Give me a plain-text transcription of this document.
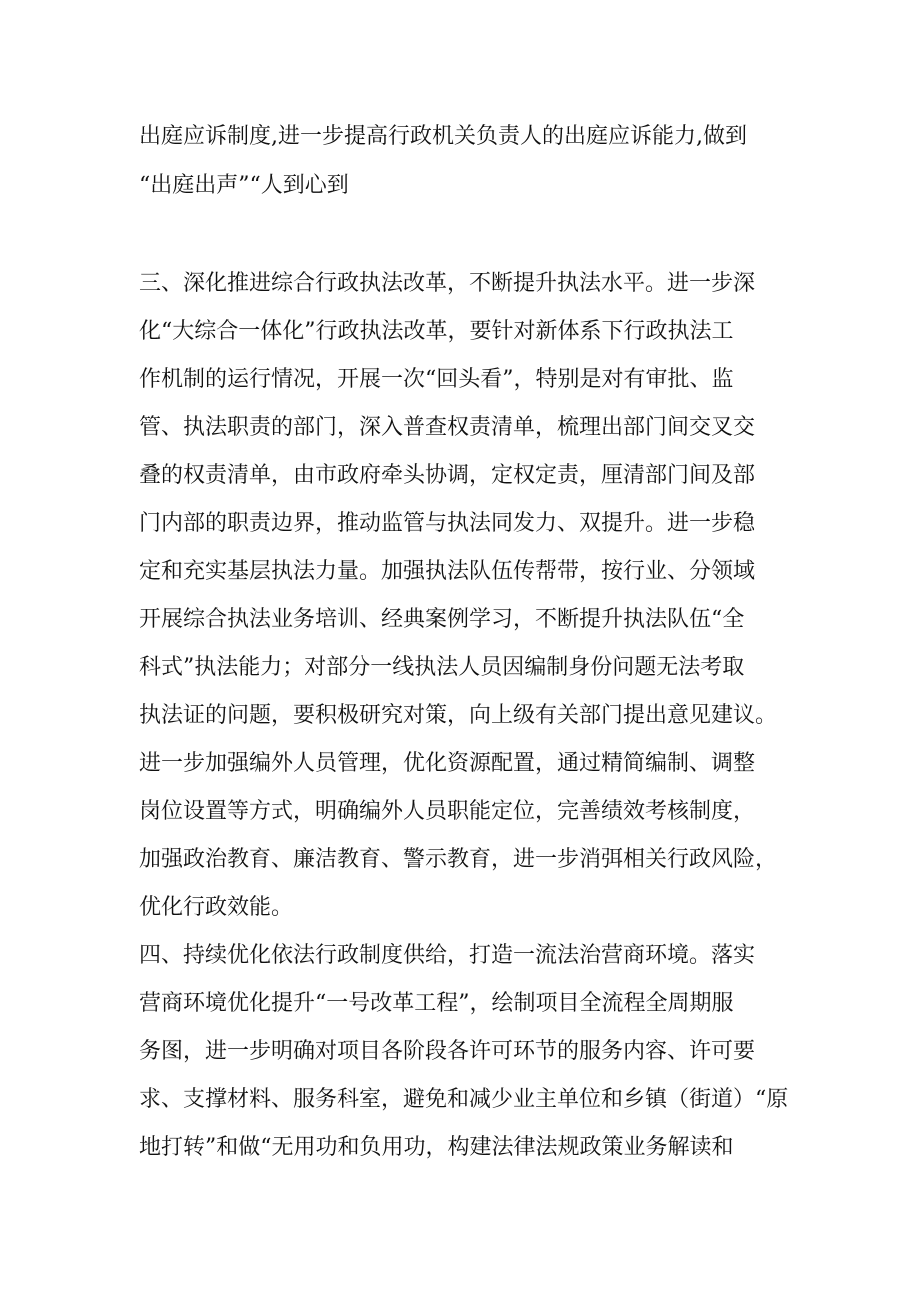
出庭应诉制度,进一步提高行政机关负责人的出庭应诉能力,做到
“出庭出声”“人到心到
三、深化推进综合行政执法改革，不断提升执法水平。进一步深
化“大综合一体化”行政执法改革，要针对新体系下行政执法工
作机制的运行情况，开展一次“回头看”，特别是对有审批、监
管、执法职责的部门，深入普查权责清单，梳理出部门间交叉交
叠的权责清单，由市政府牵头协调，定权定责，厘清部门间及部
门内部的职责边界，推动监管与执法同发力、双提升。进一步稳
定和充实基层执法力量。加强执法队伍传帮带，按行业、分领域
开展综合执法业务培训、经典案例学习，不断提升执法队伍“全
科式”执法能力；对部分一线执法人员因编制身份问题无法考取
执法证的问题，要积极研究对策，向上级有关部门提出意见建议。
进一步加强编外人员管理，优化资源配置，通过精简编制、调整
岗位设置等方式，明确编外人员职能定位，完善绩效考核制度，
加强政治教育、廉洁教育、警示教育，进一步消弭相关行政风险，
优化行政效能。
四、持续优化依法行政制度供给，打造一流法治营商环境。落实
营商环境优化提升“一号改革工程”，绘制项目全流程全周期服
务图，进一步明确对项目各阶段各许可环节的服务内容、许可要
求、支撑材料、服务科室，避免和减少业主单位和乡镇（街道）“原
地打转”和做“无用功和负用功，构建法律法规政策业务解读和
